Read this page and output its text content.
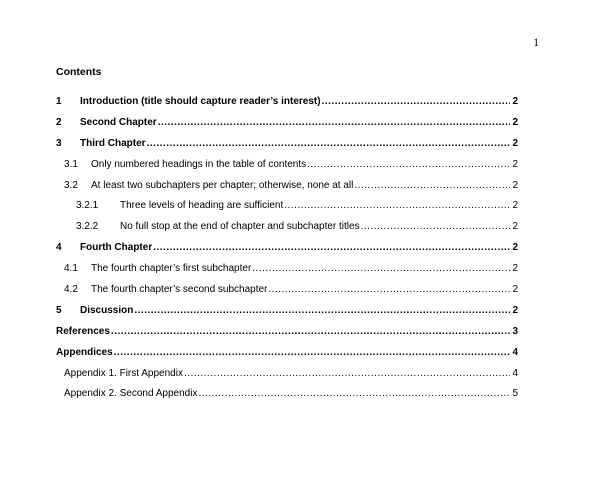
1
Contents
1	Introduction (title should capture reader’s interest) .....	2
2	Second Chapter .....	2
3	Third Chapter .....	2
3.1	Only numbered headings in the table of contents .....	2
3.2	At least two subchapters per chapter; otherwise, none at all .....	2
3.2.1	Three levels of heading are sufficient .....	2
3.2.2	No full stop at the end of chapter and subchapter titles .....	2
4	Fourth Chapter .....	2
4.1	The fourth chapter’s first subchapter .....	2
4.2	The fourth chapter’s second subchapter .....	2
5	Discussion .....	2
References .....	3
Appendices .....	4
Appendix 1. First Appendix .....	4
Appendix 2. Second Appendix .....	5
